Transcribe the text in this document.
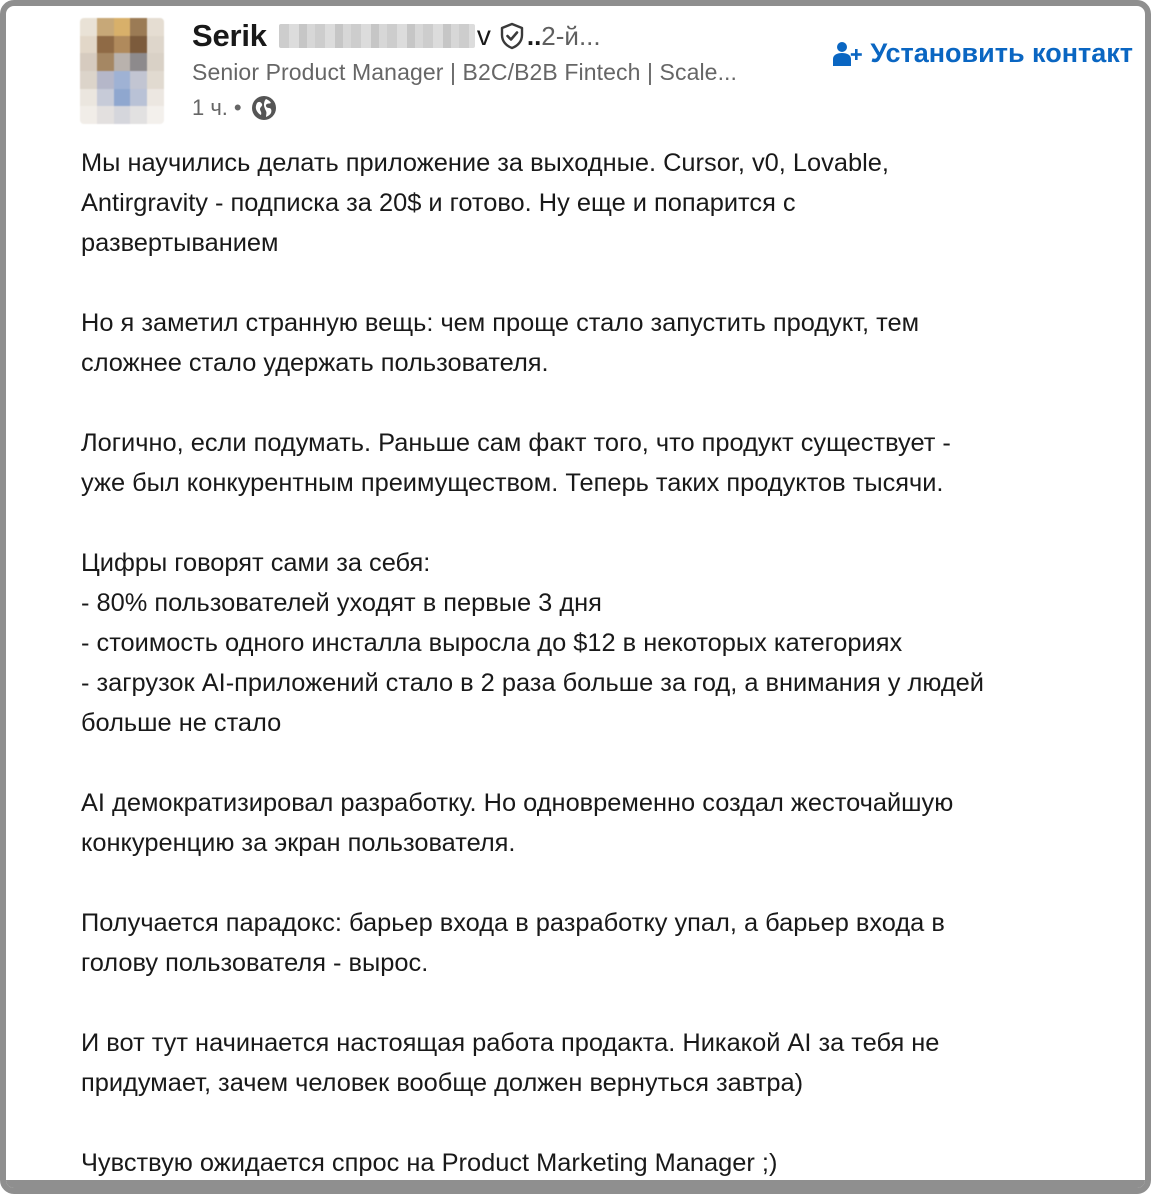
Serik	v ..2-й...
Senior Product Manager | B2C/B2B Fintech | Scale...
1 ч. •
Установить контакт

Мы научились делать приложение за выходные. Cursor, v0, Lovable,
Antirgravity - подписка за 20$ и готово. Ну еще и попарится с
развертыванием

Но я заметил странную вещь: чем проще стало запустить продукт, тем
сложнее стало удержать пользователя.

Логично, если подумать. Раньше сам факт того, что продукт существует -
уже был конкурентным преимуществом. Теперь таких продуктов тысячи.

Цифры говорят сами за себя:
- 80% пользователей уходят в первые 3 дня
- стоимость одного инсталла выросла до $12 в некоторых категориях
- загрузок AI-приложений стало в 2 раза больше за год, а внимания у людей
больше не стало

AI демократизировал разработку. Но одновременно создал жесточайшую
конкуренцию за экран пользователя.

Получается парадокс: барьер входа в разработку упал, а барьер входа в
голову пользователя - вырос.

И вот тут начинается настоящая работа продакта. Никакой AI за тебя не
придумает, зачем человек вообще должен вернуться завтра)

Чувствую ожидается спрос на Product Marketing Manager ;)
